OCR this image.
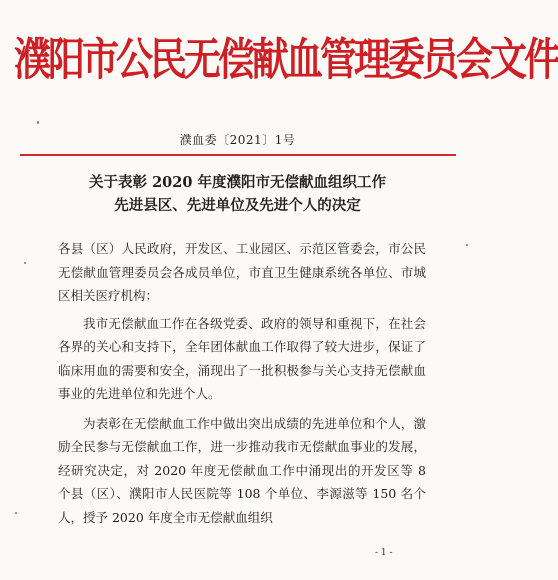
濮阳市公民无偿献血管理委员会文件
濮血委〔2021〕1号
关于表彰 2020 年度濮阳市无偿献血组织工作
先进县区、先进单位及先进个人的决定

各县（区）人民政府，开发区、工业园区、示范区管委会，市公民无偿献血管理委员会各成员单位，市直卫生健康系统各单位、市城区相关医疗机构：

我市无偿献血工作在各级党委、政府的领导和重视下，在社会各界的关心和支持下，全年团体献血工作取得了较大进步，保证了临床用血的需要和安全，涌现出了一批积极参与关心支持无偿献血事业的先进单位和先进个人。

为表彰在无偿献血工作中做出突出成绩的先进单位和个人，激励全民参与无偿献血工作，进一步推动我市无偿献血事业的发展，经研究决定，对 2020 年度无偿献血工作中涌现出的开发区等 8 个县（区）、濮阳市人民医院等 108 个单位、李源滋等 150 名个人，授予 2020 年度全市无偿献血组织

- 1 -
